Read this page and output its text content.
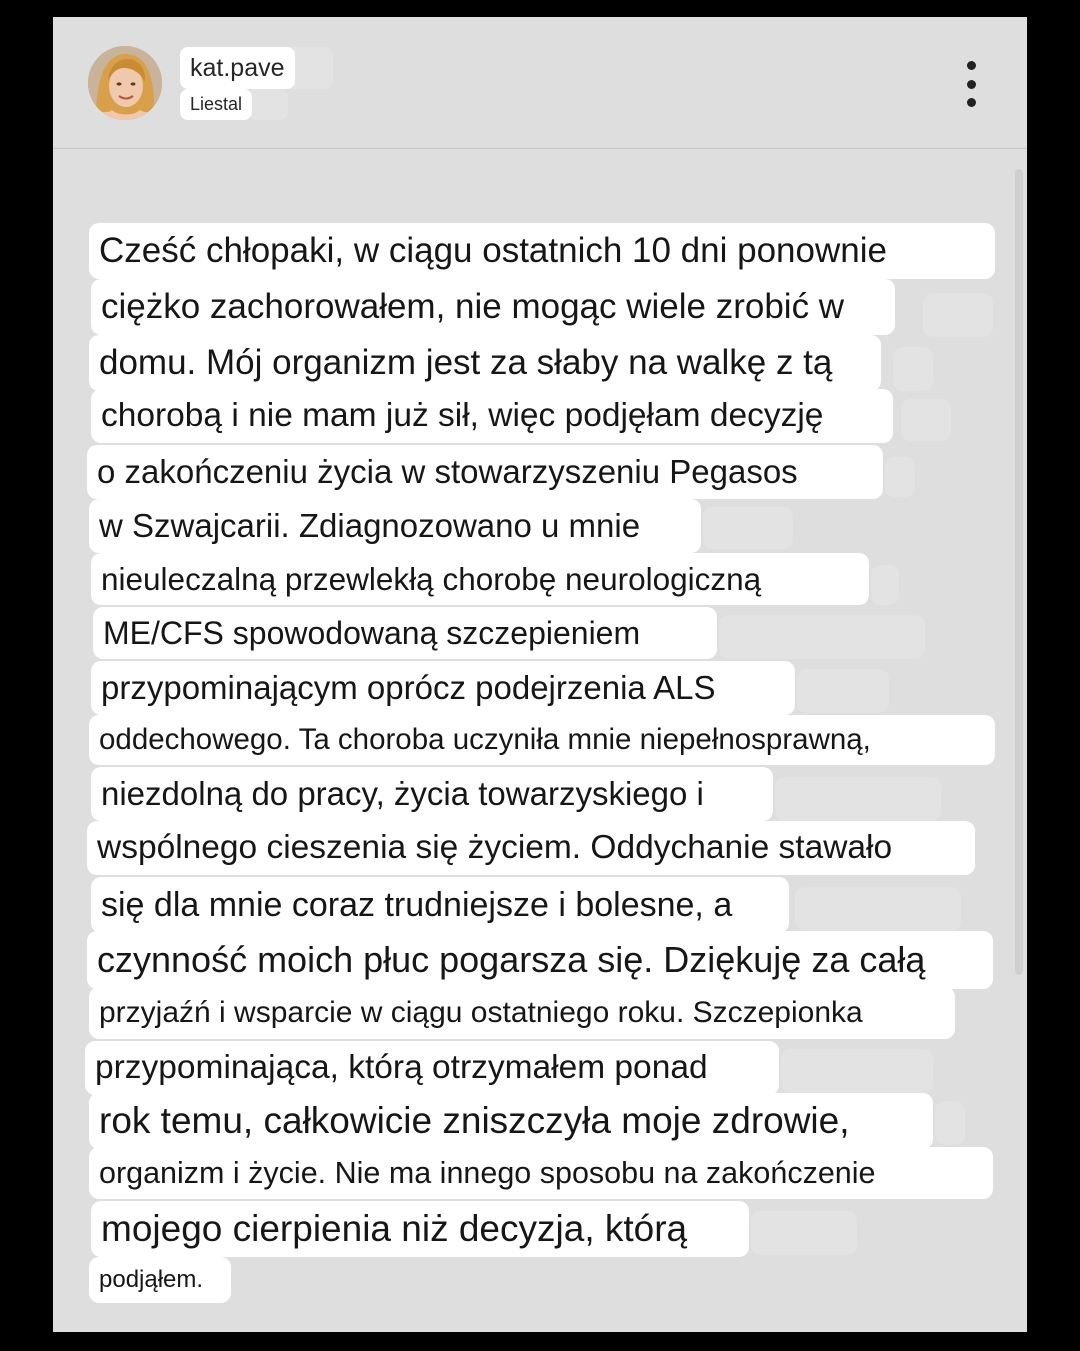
kat.pave
Liestal
Cześć chłopaki, w ciągu ostatnich 10 dni ponownie
ciężko zachorowałem, nie mogąc wiele zrobić w
domu. Mój organizm jest za słaby na walkę z tą
chorobą i nie mam już sił, więc podjęłam decyzję
o zakończeniu życia w stowarzyszeniu Pegasos
w Szwajcarii. Zdiagnozowano u mnie
nieuleczalną przewlekłą chorobę neurologiczną
ME/CFS spowodowaną szczepieniem
przypominającym oprócz podejrzenia ALS
oddechowego. Ta choroba uczyniła mnie niepełnosprawną,
niezdolną do pracy, życia towarzyskiego i
wspólnego cieszenia się życiem. Oddychanie stawało
się dla mnie coraz trudniejsze i bolesne, a
czynność moich płuc pogarsza się. Dziękuję za całą
przyjaźń i wsparcie w ciągu ostatniego roku. Szczepionka
przypominająca, którą otrzymałem ponad
rok temu, całkowicie zniszczyła moje zdrowie,
organizm i życie. Nie ma innego sposobu na zakończenie
mojego cierpienia niż decyzja, którą
podjąłem.
